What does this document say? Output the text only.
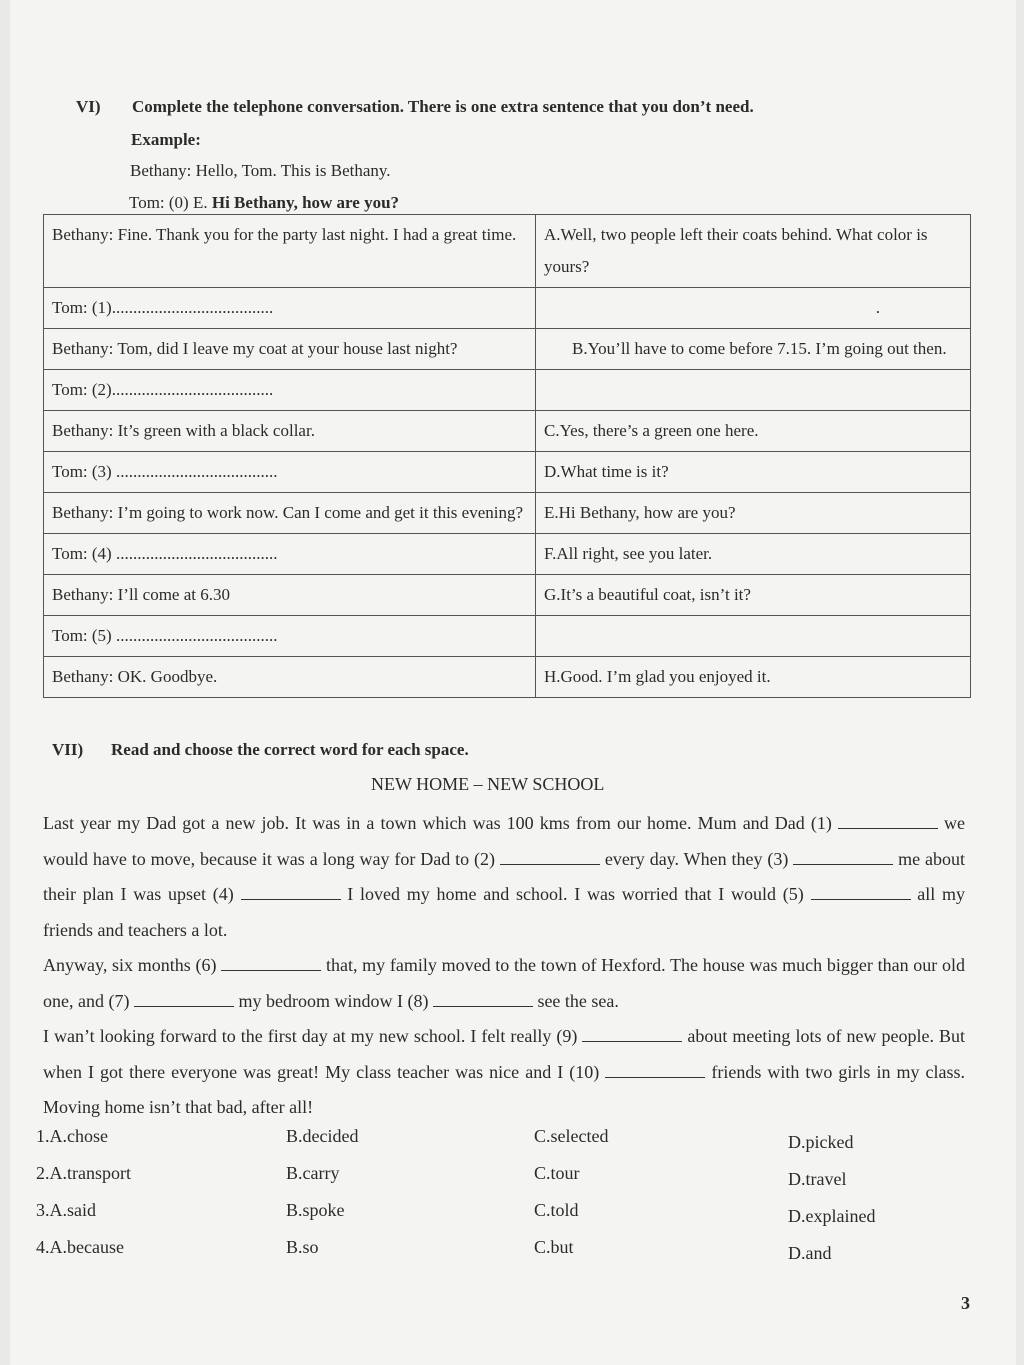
VI) Complete the telephone conversation. There is one extra sentence that you don’t need.
Example:
Bethany: Hello, Tom. This is Bethany.
Tom: (0) E. Hi Bethany, how are you?
Bethany: Fine. Thank you for the party last night. I had a great time.	A.Well, two people left their coats behind. What color is yours?
Tom: (1)......................................	.
Bethany: Tom, did I leave my coat at your house last night?	B.You’ll have to come before 7.15. I’m going out then.
Tom: (2)......................................	
Bethany: It’s green with a black collar.	C.Yes, there’s a green one here.
Tom: (3) ......................................	D.What time is it?
Bethany: I’m going to work now. Can I come and get it this evening?	E.Hi Bethany, how are you?
Tom: (4) ......................................	F.All right, see you later.
Bethany: I’ll come at 6.30	G.It’s a beautiful coat, isn’t it?
Tom: (5) ......................................	
Bethany: OK. Goodbye.	H.Good. I’m glad you enjoyed it.
VII) Read and choose the correct word for each space.
NEW HOME – NEW SCHOOL
Last year my Dad got a new job. It was in a town which was 100 kms from our home. Mum and Dad (1)	we would have to move, because it was a long way for Dad to (2)	every day. When they (3)	me about their plan I was upset (4)	I loved my home and school. I was worried that I would (5)	all my friends and teachers a lot.
Anyway, six months (6)	that, my family moved to the town of Hexford. The house was much bigger than our old one, and (7)	my bedroom window I (8)	see the sea.
I wan’t looking forward to the first day at my new school. I felt really (9)	about meeting lots of new people. But when I got there everyone was great! My class teacher was nice and I (10)	friends with two girls in my class. Moving home isn’t that bad, after all!
1.A.chose	B.decided	C.selected	D.picked
2.A.transport	B.carry	C.tour	D.travel
3.A.said	B.spoke	C.told	D.explained
4.A.because	B.so	C.but	D.and
3
